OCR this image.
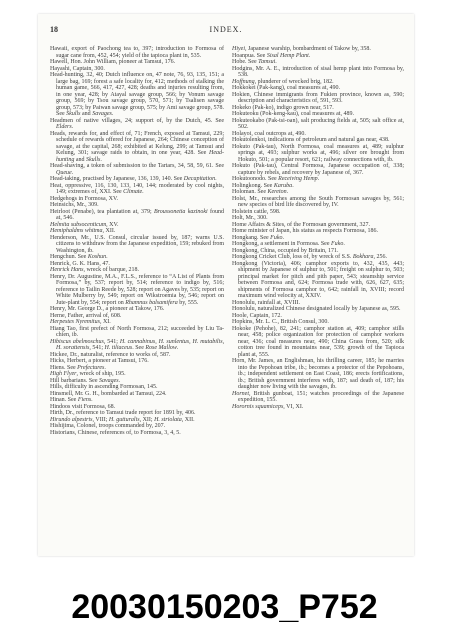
18	INDEX.

Hawaii, export of Paochong tea to, 397; introduction to Formosa of sugar cane from, 452, 454; yield of the tapioca plant in, 535.

Hawell, Hon. John William, pioneer at Tamsui, 176.

Hayashi, Captain, 300.

Head-hunting, 32, 40; Dutch influence on, 47 note, 76, 93, 135, 151; a large bag, 169; forest a safe locality for, 412; methods of stalking the human game, 566, 417, 427, 428; deaths and injuries resulting from, in one year, 428; by Atayal savage group, 566; by Vonum savage group, 569; by Tsou savage group, 570, 571; by Tsalisen savage group, 573; by Paiwan savage group, 575; by Ami savage group, 578. See Skulls and Savages.

Headmen of native villages, 24; support of, by the Dutch, 45. See Elders.

Heads, rewards for, and effect of, 71; French, exposed at Tamsui, 229; schedule of rewards offered for Japanese, 264; Chinese conception of savage, at the capital, 268; exhibited at Kelung, 299; at Tamsui and Kelung, 301; savage raids to obtain, in one year, 428. See Head-hunting and Skulls.

Head-shaving, a token of submission to the Tartars, 34, 58, 59, 61. See Queue.

Head-taking, practised by Japanese, 136, 139, 140. See Decapitation.

Heat, oppressive, 116, 130, 133, 140, 144; moderated by cool nights, 149; extremes of, XXI. See Climate.

Hedgehogs in Formosa, XV.

Heinsichs, Mr., 309.

Heirloot (Penabe), tea plantation at, 379; Broussonetia kazinoki found at, 546.

Helmita subsocenticum, XV.

Hemiphaldms whitma, XII.

Henderson, Mr., U.S. Consul, circular issued by, 187; warns U.S. citizens to withdraw from the Japanese expedition, 159; rebuked from Washington, ib.

Hengchun. See Koshun.

Henrick, G. K. Hans, 47.

Henrick Hans, wreck of barque, 218.

Henry, Dr. Augustine, M.A., F.L.S., reference to “A List of Plants from Formosa,” by, 537; report by, 514; reference to indigo by, 516; reference to Tailin Reede by, 528; report on Agaves by, 535; report on White Mulberry by, 549; report on Wikstroemia by, 546; report on Jute-plant by, 554; report on Rhamnus balsamifera by, 555.

Henry, Mr. George D., a pioneer at Takow, 176.

Herne, Father, arrival of, 608.

Herpestes Nyremitus, XI.

Hiang Tao, first prefect of North Formosa, 212; succeeded by Liu Ta-chien, ib.

Hibiscus abelmoschus, 541; H. cannabinus, H. sunlentus, H. mutabilis, H. sorattensis, 541; H. tiliaceus. See Rose Mallow.

Hickee, Dr., naturalist, reference to works of, 587.

Hicks, Herbert, a pioneer at Tamsui, 176.

Hiens. See Prefectures.

High Flyer, wreck of ship, 195.

Hill barbarians. See Savages.

Hills, difficulty in ascending Formosan, 145.

Hinsmell, Mr. G. H., bombarded at Tamsui, 224.

Hinan. See Fiens.

Hindoos visit Formosa, 68.

Hirth, Dr., reference to Tamsui trade report for 1891 by, 406.

Hirundo alpestris, VIII; H. gutturalis, XII; H. striolata, XII.

Hishijima, Colonel, troops commanded by, 207.

Historians, Chinese, references of, to Formosa, 3, 4, 5.

Hiyei, Japanese warship, bombardment of Takow by, 358.

Hoanpua. See Sisal Hemp Plant.

Hobe. See Tamsui.

Hodgins, Mr. A. E., introduction of sisal hemp plant into Formosa by, 538.

Hoffnung, plunderer of wrecked brig, 182.

Hokkokei (Pak-kang), coal measures at, 490.

Hokien, Chinese immigrants from Fukien province, known as, 590; description and characteristics of, 591, 593.

Hokeko (Pak-ko), indigo grown near, 517.

Hokuteoku (Pok-keng-kau), coal measures at, 489.

Hokuteokabo (Pak-tsi-oan), salt producing fields at, 505; salt office at, 502.

Holayoi, coal outcrops at, 490.

Hokutolenkoi, indications of petroleum and natural gas near, 438.

Hokuto (Pak-tau), North Formosa, coal measures at, 489; sulphur springs at, 493; sulphur works at, 496; silver ore brought from Hokuto, 501; a popular resort, 621; railway connections with, ib.

Hokuto (Pak-tau), Central Formosa, Japanese occupation of, 338; capture by rebels, and recovery by Japanese of, 367.

Hokutoonodo. See Receiving Hemp.

Holingkong. See Karuba.

Holoman. See Kereton.

Holst, Mr., researches among the South Formosan savages by, 561; new species of bird life discovered by, IV.

Holstein cattle, 598.

Holt, Mr., 300.

Home Affairs & Sites, of the Formosan government, 327.

Home minister of Japan, his status as respects Formosa, 186.

Hongkang. See Fuko.

Hongkong, a settlement in Formosa. See Fuko.

Hongkong, China, occupied by Britain, 171.

Hongkong Cricket Club, loss of, by wreck of S.S. Bokhara, 256.

Hongkong (Victoria), 406; camphor exports to, 432, 435, 443; shipment by Japanese of sulphur to, 501; freight on sulphur to, 503; principal market for pitch and pith paper, 543; steamship service between Formosa and, 624; Formosa trade with, 626, 627, 635; shipments of Formosa camphor to, 642; rainfall in, XVIII; record maximum wind velocity at, XXIV.

Honolulu, rainfall at, XVIII.

Honolulu, naturalized Chinese designated locally by Japanese as, 595.

Hoole, Captain, 172.

Hopkins, Mr. L. C., British Consul, 300.

Hokoke (Pehohe), 82, 241; camphor station at, 409; camphor stills near, 458; police organization for protection of camphor workers near, 436; coal measures near, 490; China Grass from, 520; silk cotton tree found in mountains near, 539; growth of the Tapioca plant at, 555.

Horn, Mr. James, an Englishman, his thrilling career, 185; he marries into the Pepohoan tribe, ib.; becomes a protector of the Pepohoans, ib.; independent settlement on East Coast, 186; erects fortifications, ib.; British government interferes with, 187; sad death of, 187; his daughter now living with the savages, ib.

Hornet, British gunboat, 151; watches proceedings of the Japanese expedition, 155.

Horornis squamiceps, VI, XI.

20030150203_P752
